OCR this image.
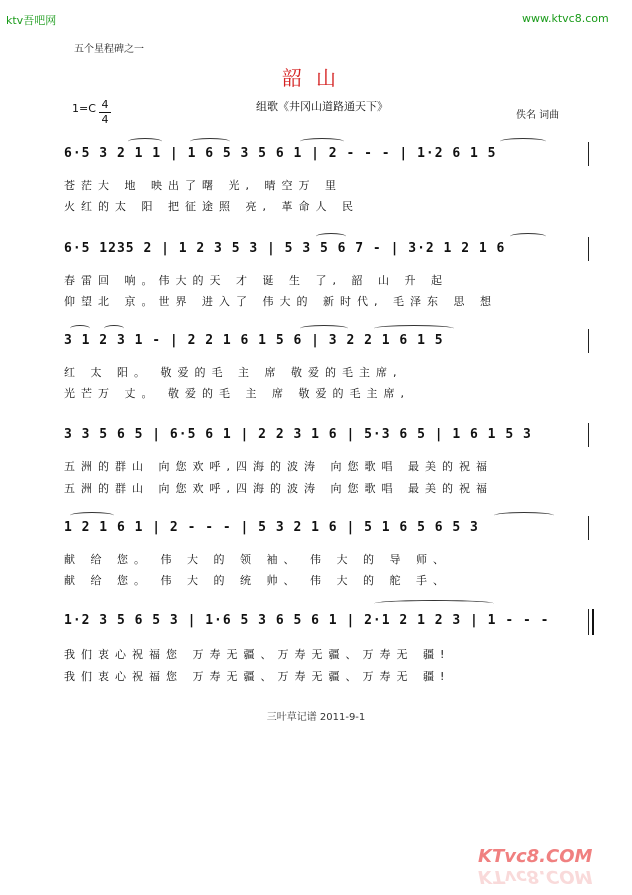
ktv吾吧网	www.ktvc8.com
五个星程碑之一
韶山
1=C 4
4
组歌《井冈山道路通天下》
佚名 词曲
6·5 3 2 1 1 | 1 6 5 3 5 6 1 | 2 - - - | 1·2 6 1 5
苍茫大 地 映出了曙 光, 晴空万 里
火红的太 阳 把征途照 亮, 革命人 民
6·5 1235 2 | 1 2 3 5 3 | 5 3 5 6 7 - | 3·2 1 2 1 6
春雷回 响。伟大的天 才 诞 生 了, 韶 山 升 起
仰望北 京。世界 进入了 伟大的 新时代, 毛泽东 思 想
3 1 2 3 1 - | 2 2 1 6 1 5 6 | 3 2 2 1 6 1 5
红 太 阳。 敬爱的毛 主 席 敬爱的毛主席,
光芒万 丈。 敬爱的毛 主 席 敬爱的毛主席,
3 3 5 6 5 | 6·5 6 1 | 2 2 3 1 6 | 5·3 6 5 | 1 6 1 5 3
五洲的群山 向您欢呼,四海的波涛 向您歌唱 最美的祝福
五洲的群山 向您欢呼,四海的波涛 向您歌唱 最美的祝福
1 2 1 6 1 | 2 - - - | 5 3 2 1 6 | 5 1 6 5 6 5 3
献 给 您。 伟 大 的 领 袖、 伟 大 的 导 师、
献 给 您。 伟 大 的 统 帅、 伟 大 的 舵 手、
1·2 3 5 6 5 3 | 1·6 5 3 6 5 6 1 | 2·1 2 1 2 3 | 1 - - -
我们衷心祝福您 万寿无疆、万寿无疆、万寿无 疆!
我们衷心祝福您 万寿无疆、万寿无疆、万寿无 疆!
三叶草记谱 2011-9-1
KTvc8.COM
KTvc8.COM
